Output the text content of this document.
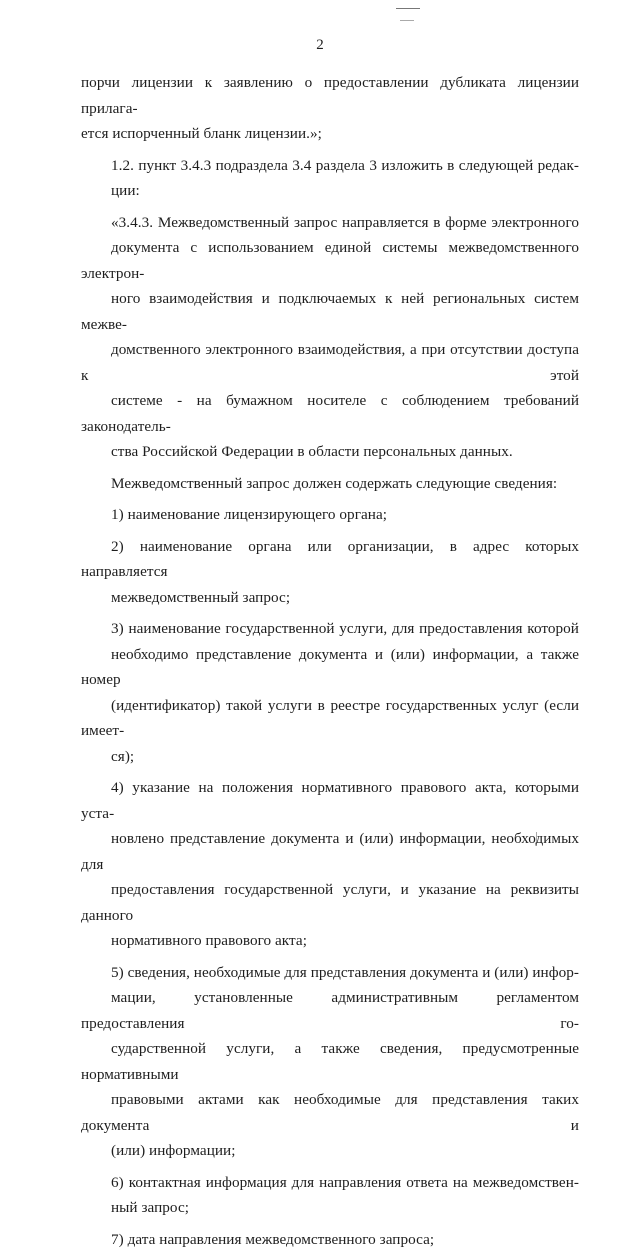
2

порчи лицензии к заявлению о предоставлении дубликата лицензии прилага-
ется испорченный бланк лицензии.»;

1.2. пункт 3.4.3 подраздела 3.4 раздела 3 изложить в следующей редак-
ции:

«3.4.3. Межведомственный запрос направляется в форме электронного
документа с использованием единой системы межведомственного электрон-
ного взаимодействия и подключаемых к ней региональных систем межве-
домственного электронного взаимодействия, а при отсутствии доступа к этой
системе - на бумажном носителе с соблюдением требований законодатель-
ства Российской Федерации в области персональных данных.

Межведомственный запрос должен содержать следующие сведения:

1) наименование лицензирующего органа;

2) наименование органа или организации, в адрес которых направляется
межведомственный запрос;

3) наименование государственной услуги, для предоставления которой
необходимо представление документа и (или) информации, а также номер
(идентификатор) такой услуги в реестре государственных услуг (если имеет-
ся);

4) указание на положения нормативного правового акта, которыми уста-
новлено представление документа и (или) информации, необходимых для
предоставления государственной услуги, и указание на реквизиты данного
нормативного правового акта;

5) сведения, необходимые для представления документа и (или) инфор-
мации, установленные административным регламентом предоставления го-
сударственной услуги, а также сведения, предусмотренные нормативными
правовыми актами как необходимые для представления таких документа и
(или) информации;

6) контактная информация для направления ответа на межведомствен-
ный запрос;

7) дата направления межведомственного запроса;
